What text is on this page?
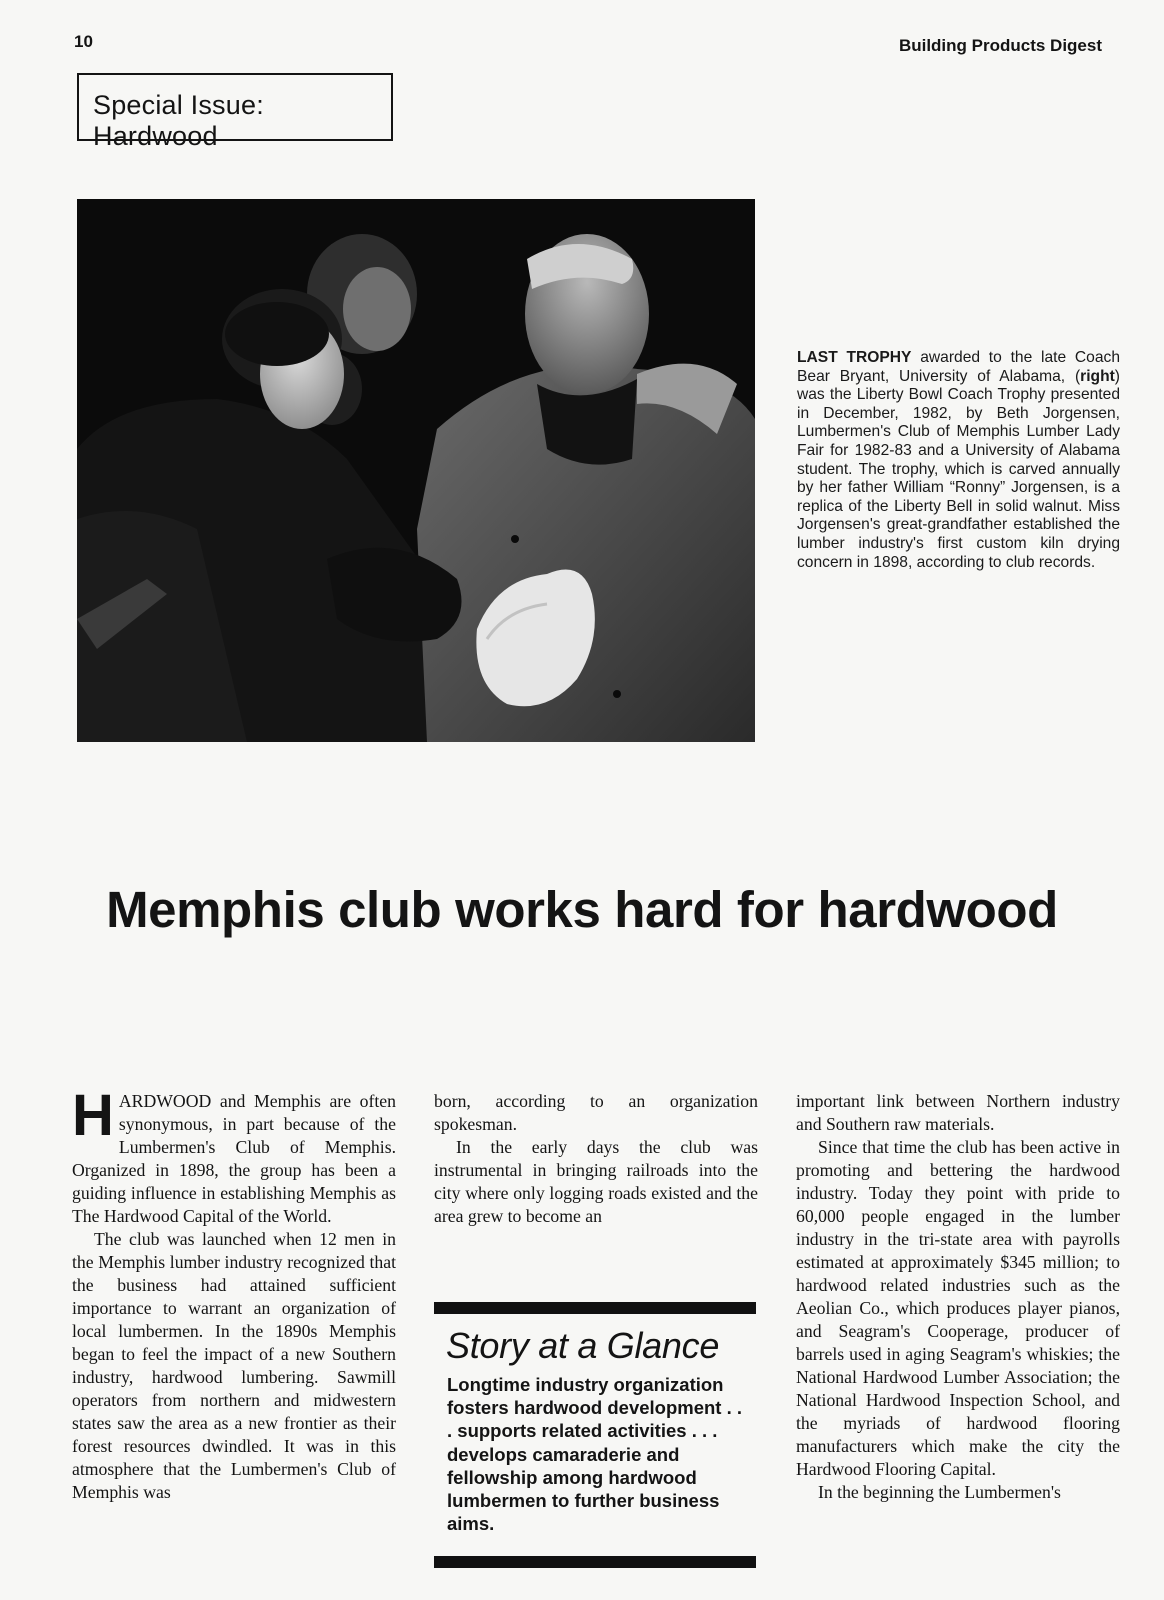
10	Building Products Digest
Special Issue: Hardwood
LAST TROPHY awarded to the late Coach Bear Bryant, University of Alabama, (right) was the Liberty Bowl Coach Trophy presented in December, 1982, by Beth Jorgensen, Lumbermen's Club of Memphis Lumber Lady Fair for 1982-83 and a University of Alabama student. The trophy, which is carved annually by her father William “Ronny” Jorgensen, is a replica of the Liberty Bell in solid walnut. Miss Jorgensen's great-grandfather established the lumber industry's first custom kiln drying concern in 1898, according to club records.
Memphis club works hard for hardwood

HARDWOOD and Memphis are often synonymous, in part because of the Lumbermen's Club of Memphis. Organized in 1898, the group has been a guiding influence in establishing Memphis as The Hardwood Capital of the World.

The club was launched when 12 men in the Memphis lumber industry recognized that the business had attained sufficient importance to warrant an organization of local lumbermen. In the 1890s Memphis began to feel the impact of a new Southern industry, hardwood lumbering. Sawmill operators from northern and midwestern states saw the area as a new frontier as their forest resources dwindled. It was in this atmosphere that the Lumbermen's Club of Memphis was

born, according to an organization spokesman.

In the early days the club was instrumental in bringing railroads into the city where only logging roads existed and the area grew to become an

Story at a Glance
Longtime industry organization fosters hardwood development . . . supports related activities . . . develops camaraderie and fellowship among hardwood lumbermen to further business aims.

important link between Northern industry and Southern raw materials.

Since that time the club has been active in promoting and bettering the hardwood industry. Today they point with pride to 60,000 people engaged in the lumber industry in the tri-state area with payrolls estimated at approximately $345 million; to hardwood related industries such as the Aeolian Co., which produces player pianos, and Seagram's Cooperage, producer of barrels used in aging Seagram's whiskies; the National Hardwood Lumber Association; the National Hardwood Inspection School, and the myriads of hardwood flooring manufacturers which make the city the Hardwood Flooring Capital.

In the beginning the Lumbermen's
